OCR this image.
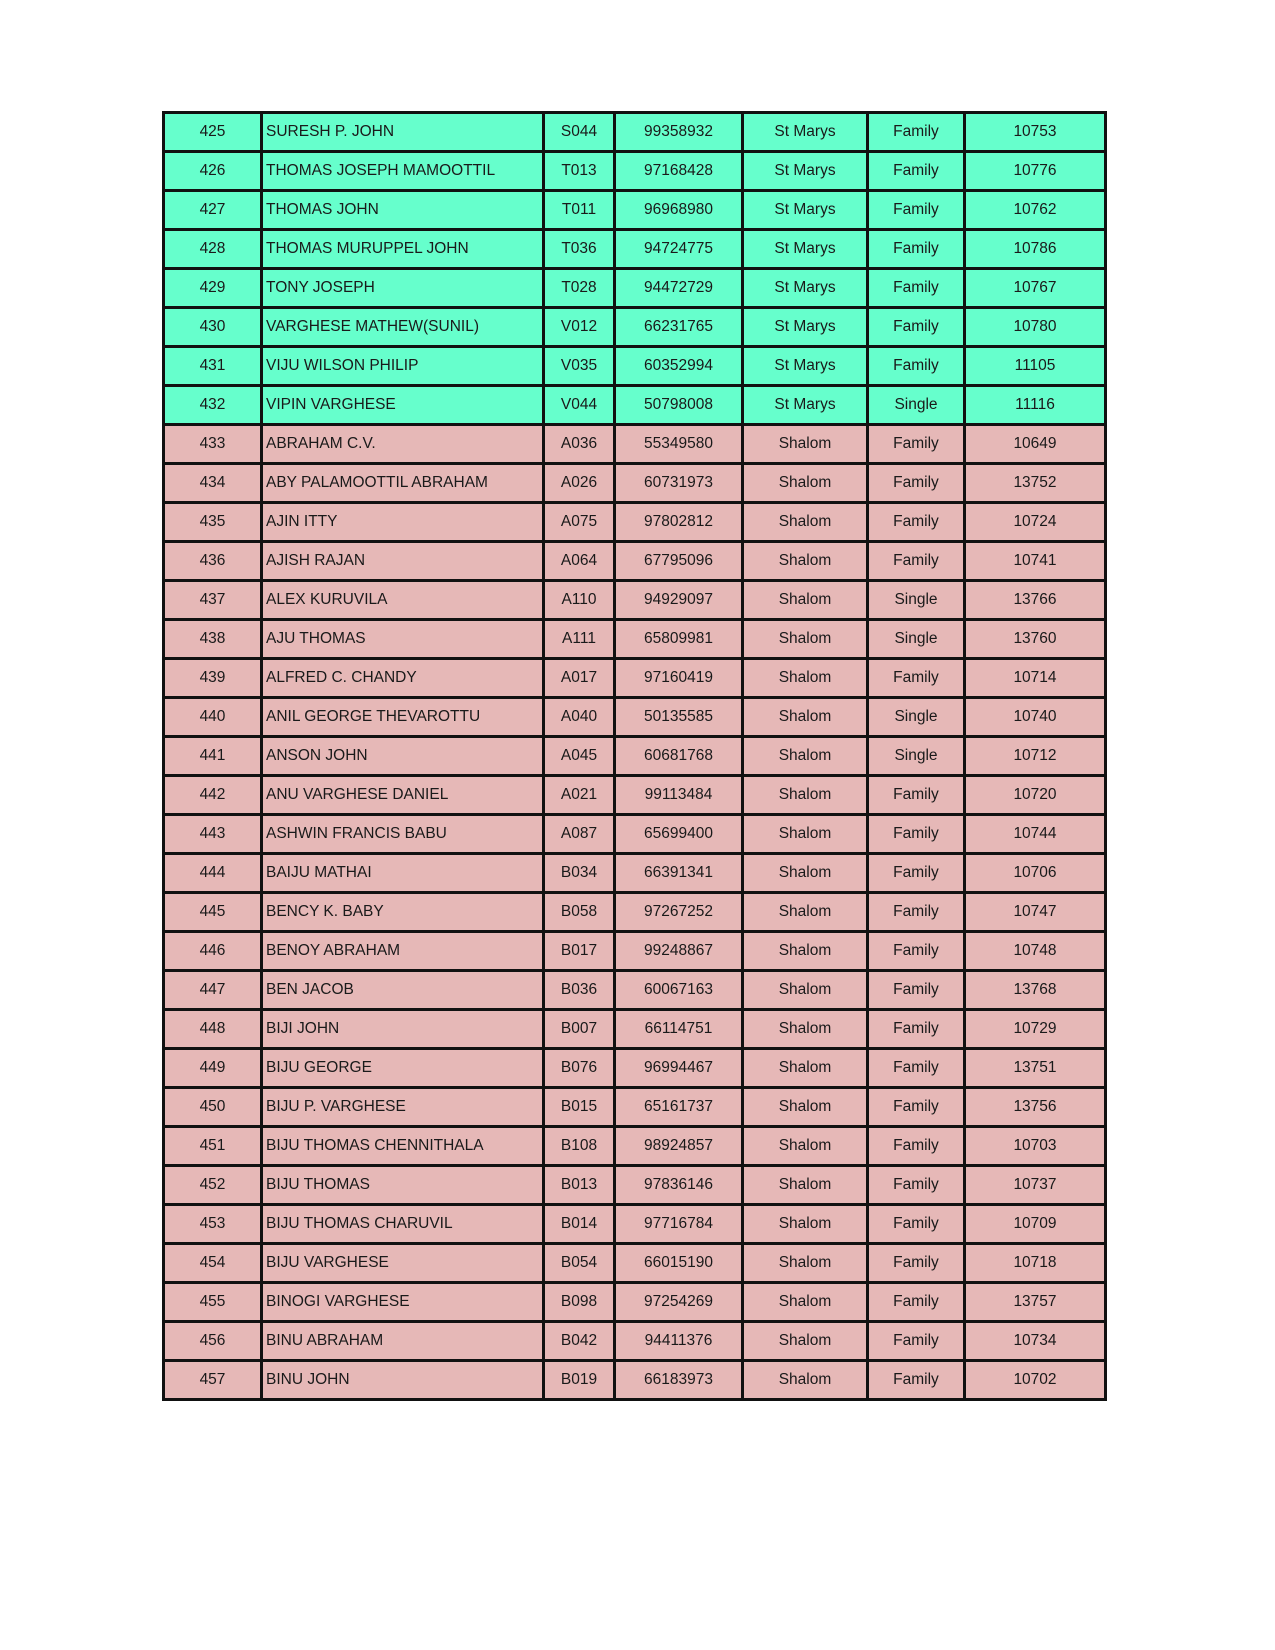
425	SURESH P. JOHN	S044	99358932	St Marys	Family	10753
426	THOMAS JOSEPH MAMOOTTIL	T013	97168428	St Marys	Family	10776
427	THOMAS JOHN	T011	96968980	St Marys	Family	10762
428	THOMAS MURUPPEL JOHN	T036	94724775	St Marys	Family	10786
429	TONY JOSEPH	T028	94472729	St Marys	Family	10767
430	VARGHESE MATHEW(SUNIL)	V012	66231765	St Marys	Family	10780
431	VIJU WILSON PHILIP	V035	60352994	St Marys	Family	11105
432	VIPIN VARGHESE	V044	50798008	St Marys	Single	11116
433	ABRAHAM C.V.	A036	55349580	Shalom	Family	10649
434	ABY PALAMOOTTIL ABRAHAM	A026	60731973	Shalom	Family	13752
435	AJIN ITTY	A075	97802812	Shalom	Family	10724
436	AJISH RAJAN	A064	67795096	Shalom	Family	10741
437	ALEX KURUVILA	A110	94929097	Shalom	Single	13766
438	AJU THOMAS	A111	65809981	Shalom	Single	13760
439	ALFRED C. CHANDY	A017	97160419	Shalom	Family	10714
440	ANIL GEORGE THEVAROTTU	A040	50135585	Shalom	Single	10740
441	ANSON JOHN	A045	60681768	Shalom	Single	10712
442	ANU VARGHESE DANIEL	A021	99113484	Shalom	Family	10720
443	ASHWIN FRANCIS BABU	A087	65699400	Shalom	Family	10744
444	BAIJU MATHAI	B034	66391341	Shalom	Family	10706
445	BENCY K. BABY	B058	97267252	Shalom	Family	10747
446	BENOY ABRAHAM	B017	99248867	Shalom	Family	10748
447	BEN JACOB	B036	60067163	Shalom	Family	13768
448	BIJI JOHN	B007	66114751	Shalom	Family	10729
449	BIJU GEORGE	B076	96994467	Shalom	Family	13751
450	BIJU P. VARGHESE	B015	65161737	Shalom	Family	13756
451	BIJU THOMAS CHENNITHALA	B108	98924857	Shalom	Family	10703
452	BIJU THOMAS	B013	97836146	Shalom	Family	10737
453	BIJU THOMAS CHARUVIL	B014	97716784	Shalom	Family	10709
454	BIJU VARGHESE	B054	66015190	Shalom	Family	10718
455	BINOGI VARGHESE	B098	97254269	Shalom	Family	13757
456	BINU ABRAHAM	B042	94411376	Shalom	Family	10734
457	BINU JOHN	B019	66183973	Shalom	Family	10702
